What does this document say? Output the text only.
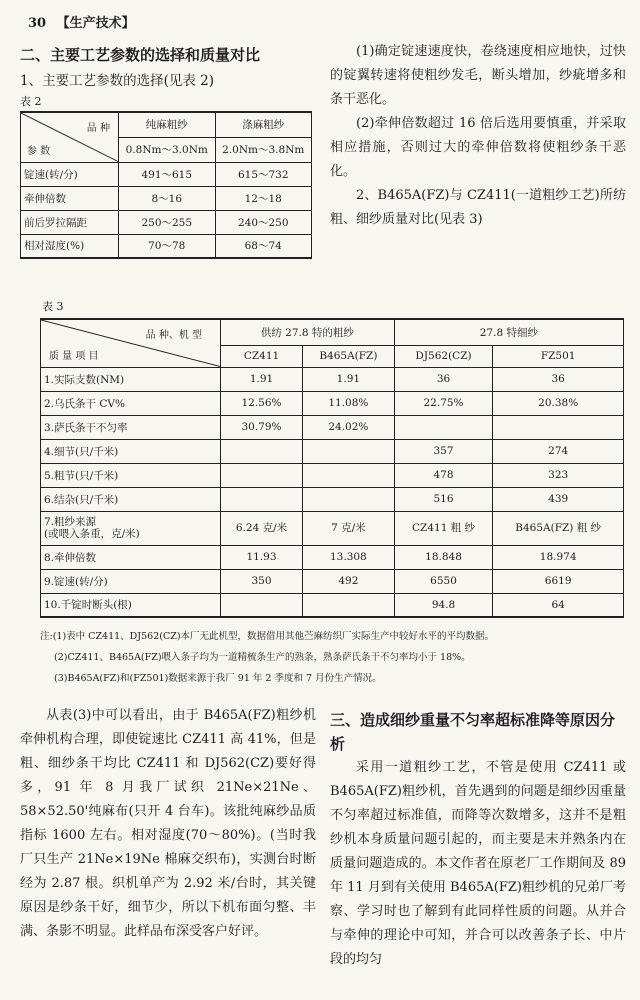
30 【生产技术】
二、主要工艺参数的选择和质量对比
1、主要工艺参数的选择(见表 2)
表 2
品 种
参 数	纯麻粗纱	涤麻粗纱
	0.8Nm～3.0Nm	2.0Nm～3.8Nm
锭速(转/分)	491～615	615～732
牵伸倍数	8～16	12～18
前后罗拉隔距	250～255	240～250
相对湿度(%)	70～78	68～74

(1)确定锭速速度快，卷绕速度相应地快，过快的锭翼转速将使粗纱发毛，断头增加，纱疵增多和条干恶化。

(2)牵伸倍数超过 16 倍后选用要慎重，并采取相应措施，否则过大的牵伸倍数将使粗纱条干恶化。

2、B465A(FZ)与 CZ411(一道粗纱工艺)所纺粗、细纱质量对比(见表 3)

表 3
品 种、机 型
质 量 项 目	供纺 27.8 特的粗纱		27.8 特细纱	
	CZ411	B465A(FZ)	DJ562(CZ)	FZ501
1.实际支数(NM)	1.91	1.91	36	36
2.乌氏条干 CV%	12.56%	11.08%	22.75%	20.38%
3.萨氏条干不匀率	30.79%	24.02%		
4.细节(只/千米)			357	274
5.粗节(只/千米)			478	323
6.结杂(只/千米)			516	439

7.粗纱来源
(或喂入条重，克/米)	6.24 克/米	7 克/米	CZ411 粗 纱	B465A(FZ) 粗 纱
8.牵伸倍数	11.93	13.308	18.848	18.974
9.锭速(转/分)	350	492	6550	6619
10.千锭时断头(根)			94.8	64
注:(1)表中 CZ411、DJ562(CZ)本厂无此机型，数据借用其他苎麻纺织厂实际生产中较好水平的平均数据。
(2)CZ411、B465A(FZ)喂入条子均为一道精梳条生产的熟条，熟条萨氏条干不匀率均小于 18%。
(3)B465A(FZ)和(FZ501)数据来源于我厂 91 年 2 季度和 7 月份生产情况。

从表(3)中可以看出，由于 B465A(FZ)粗纱机牵伸机构合理，即使锭速比 CZ411 高 41%，但是粗、细纱条干均比 CZ411 和 DJ562(CZ)要好得多，91 年 8 月我厂试织 21Ne×21Ne、58×52.50'纯麻布(只开 4 台车)。该批纯麻纱品质指标 1600 左右。相对湿度(70～80%)。(当时我厂只生产 21Ne×19Ne 棉麻交织布)，实测台时断经为 2.87 根。织机单产为 2.92 米/台时，其关键原因是纱条干好，细节少，所以下机布面匀整、丰满、条影不明显。此样品布深受客户好评。

三、造成细纱重量不匀率超标准降等原因分析

采用一道粗纱工艺，不管是使用 CZ411 或 B465A(FZ)粗纱机，首先遇到的问题是细纱因重量不匀率超过标准值，而降等次数增多，这并不是粗纱机本身质量问题引起的，而主要是末并熟条内在质量问题造成的。本文作者在原老厂工作期间及 89 年 11 月到有关使用 B465A(FZ)粗纱机的兄弟厂考察、学习时也了解到有此同样性质的问题。从并合与牵伸的理论中可知，并合可以改善条子长、中片段的均匀
